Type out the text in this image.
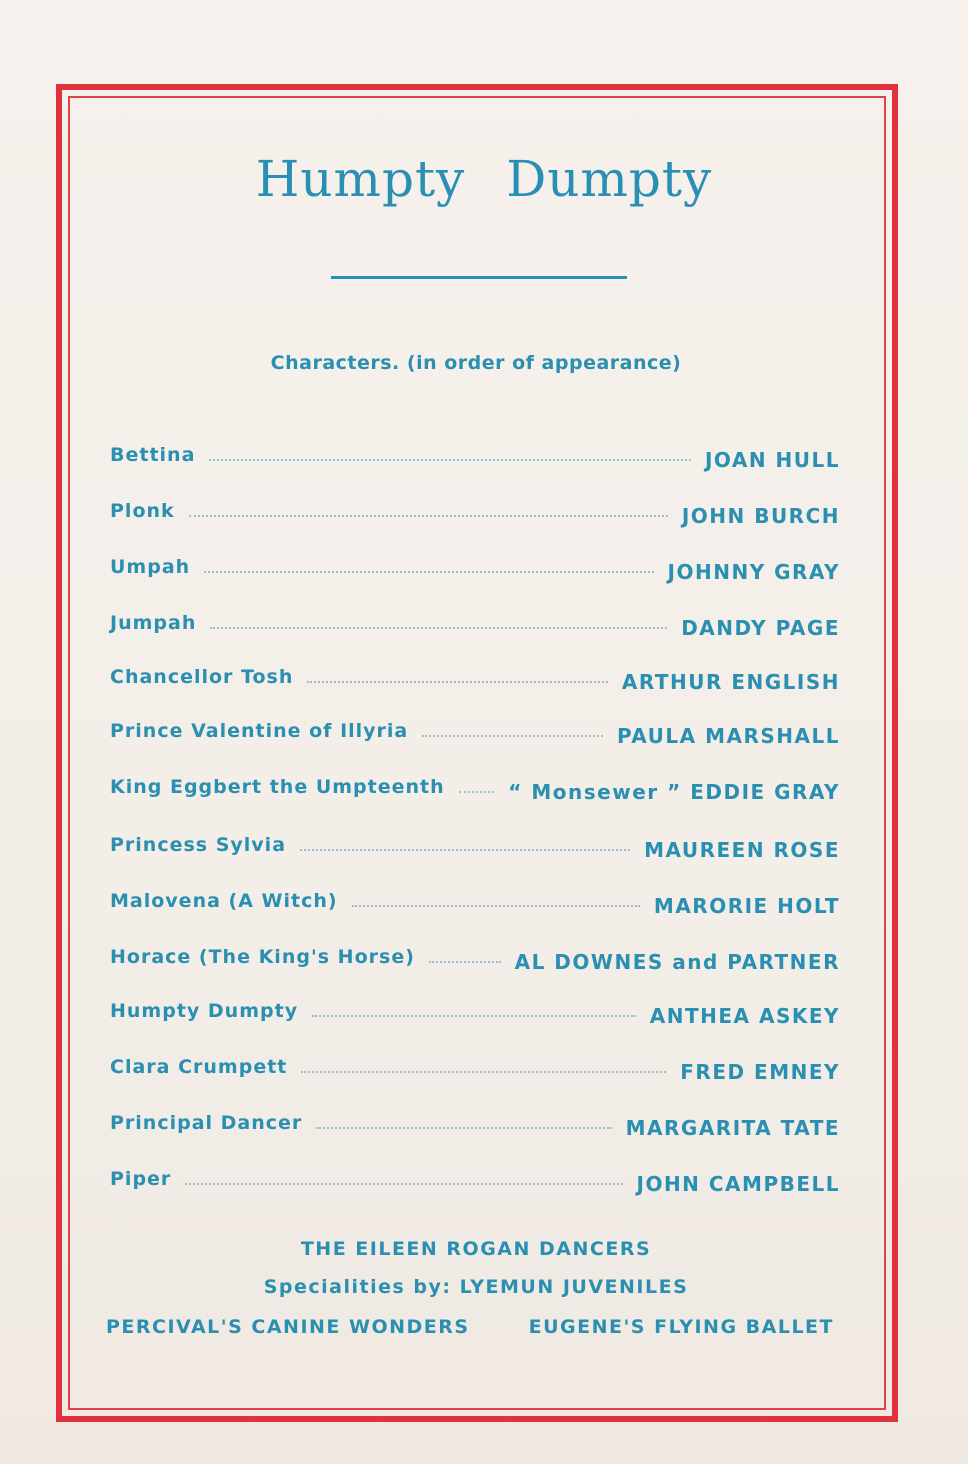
Humpty Dumpty
Characters. (in order of appearance)
Bettina	JOAN HULL
Plonk	JOHN BURCH
Umpah	JOHNNY GRAY
Jumpah	DANDY PAGE
Chancellor Tosh	ARTHUR ENGLISH
Prince Valentine of Illyria	PAULA MARSHALL
King Eggbert the Umpteenth	“ Monsewer ” EDDIE GRAY
Princess Sylvia	MAUREEN ROSE
Malovena (A Witch)	MARORIE HOLT
Horace (The King's Horse)	AL DOWNES and PARTNER
Humpty Dumpty	ANTHEA ASKEY
Clara Crumpett	FRED EMNEY
Principal Dancer	MARGARITA TATE
Piper	JOHN CAMPBELL
THE EILEEN ROGAN DANCERS
Specialities by: LYEMUN JUVENILES
PERCIVAL'S CANINE WONDERS	EUGENE'S FLYING BALLET
